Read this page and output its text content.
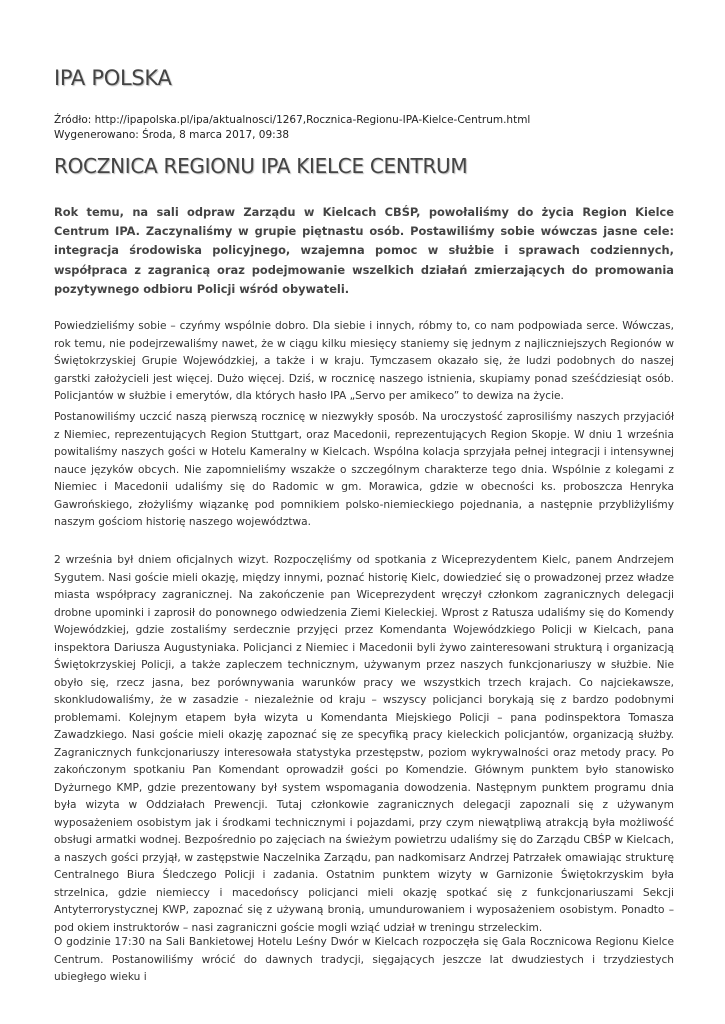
IPA POLSKA
Źródło: http://ipapolska.pl/ipa/aktualnosci/1267,Rocznica-Regionu-IPA-Kielce-Centrum.html
Wygenerowano: Środa, 8 marca 2017, 09:38
ROCZNICA REGIONU IPA KIELCE CENTRUM

Rok temu, na sali odpraw Zarządu w Kielcach CBŚP, powołaliśmy do życia Region Kielce Centrum IPA. Zaczynaliśmy w grupie piętnastu osób. Postawiliśmy sobie wówczas jasne cele: integracja środowiska policyjnego, wzajemna pomoc w służbie i sprawach codziennych, współpraca z zagranicą oraz podejmowanie wszelkich działań zmierzających do promowania pozytywnego odbioru Policji wśród obywateli.

Powiedzieliśmy sobie – czyńmy wspólnie dobro. Dla siebie i innych, róbmy to, co nam podpowiada serce. Wówczas, rok temu, nie podejrzewaliśmy nawet, że w ciągu kilku miesięcy staniemy się jednym z najliczniejszych Regionów w Świętokrzyskiej Grupie Wojewódzkiej, a także i w kraju. Tymczasem okazało się, że ludzi podobnych do naszej garstki założycieli jest więcej. Dużo więcej. Dziś, w rocznicę naszego istnienia, skupiamy ponad sześćdziesiąt osób. Policjantów w służbie i emerytów, dla których hasło IPA „Servo per amikeco” to dewiza na życie.

Postanowiliśmy uczcić naszą pierwszą rocznicę w niezwykły sposób. Na uroczystość zaprosiliśmy naszych przyjaciół z Niemiec, reprezentujących Region Stuttgart, oraz Macedonii, reprezentujących Region Skopje. W dniu 1 września powitaliśmy naszych gości w Hotelu Kameralny w Kielcach. Wspólna kolacja sprzyjała pełnej integracji i intensywnej nauce języków obcych. Nie zapomnieliśmy wszakże o szczególnym charakterze tego dnia. Wspólnie z kolegami z Niemiec i Macedonii udaliśmy się do Radomic w gm. Morawica, gdzie w obecności ks. proboszcza Henryka Gawrońskiego, złożyliśmy wiązankę pod pomnikiem polsko-niemieckiego pojednania, a następnie przybliżyliśmy naszym gościom historię naszego województwa.

2 września był dniem oficjalnych wizyt. Rozpoczęliśmy od spotkania z Wiceprezydentem Kielc, panem Andrzejem Sygutem. Nasi goście mieli okazję, między innymi, poznać historię Kielc, dowiedzieć się o prowadzonej przez władze miasta współpracy zagranicznej. Na zakończenie pan Wiceprezydent wręczył członkom zagranicznych delegacji drobne upominki i zaprosił do ponownego odwiedzenia Ziemi Kieleckiej. Wprost z Ratusza udaliśmy się do Komendy Wojewódzkiej, gdzie zostaliśmy serdecznie przyjęci przez Komendanta Wojewódzkiego Policji w Kielcach, pana inspektora Dariusza Augustyniaka. Policjanci z Niemiec i Macedonii byli żywo zainteresowani strukturą i organizacją Świętokrzyskiej Policji, a także zapleczem technicznym, używanym przez naszych funkcjonariuszy w służbie. Nie obyło się, rzecz jasna, bez porównywania warunków pracy we wszystkich trzech krajach. Co najciekawsze, skonkludowaliśmy, że w zasadzie - niezależnie od kraju – wszyscy policjanci borykają się z bardzo podobnymi problemami. Kolejnym etapem była wizyta u Komendanta Miejskiego Policji – pana podinspektora Tomasza Zawadzkiego. Nasi goście mieli okazję zapoznać się ze specyfiką pracy kieleckich policjantów, organizacją służby. Zagranicznych funkcjonariuszy interesowała statystyka przestępstw, poziom wykrywalności oraz metody pracy. Po zakończonym spotkaniu Pan Komendant oprowadził gości po Komendzie. Głównym punktem było stanowisko Dyżurnego KMP, gdzie prezentowany był system wspomagania dowodzenia. Następnym punktem programu dnia była wizyta w Oddziałach Prewencji. Tutaj członkowie zagranicznych delegacji zapoznali się z używanym wyposażeniem osobistym jak i środkami technicznymi i pojazdami, przy czym niewątpliwą atrakcją była możliwość obsługi armatki wodnej. Bezpośrednio po zajęciach na świeżym powietrzu udaliśmy się do Zarządu CBŚP w Kielcach, a naszych gości przyjął, w zastępstwie Naczelnika Zarządu, pan nadkomisarz Andrzej Patrzałek omawiając strukturę Centralnego Biura Śledczego Policji i zadania. Ostatnim punktem wizyty w Garnizonie Świętokrzyskim była strzelnica, gdzie niemieccy i macedońscy policjanci mieli okazję spotkać się z funkcjonariuszami Sekcji Antyterrorystycznej KWP, zapoznać się z używaną bronią, umundurowaniem i wyposażeniem osobistym. Ponadto – pod okiem instruktorów – nasi zagraniczni goście mogli wziąć udział w treningu strzeleckim.

O godzinie 17:30 na Sali Bankietowej Hotelu Leśny Dwór w Kielcach rozpoczęła się Gala Rocznicowa Regionu Kielce Centrum. Postanowiliśmy wrócić do dawnych tradycji, sięgających jeszcze lat dwudziestych i trzydziestych ubiegłego wieku i
